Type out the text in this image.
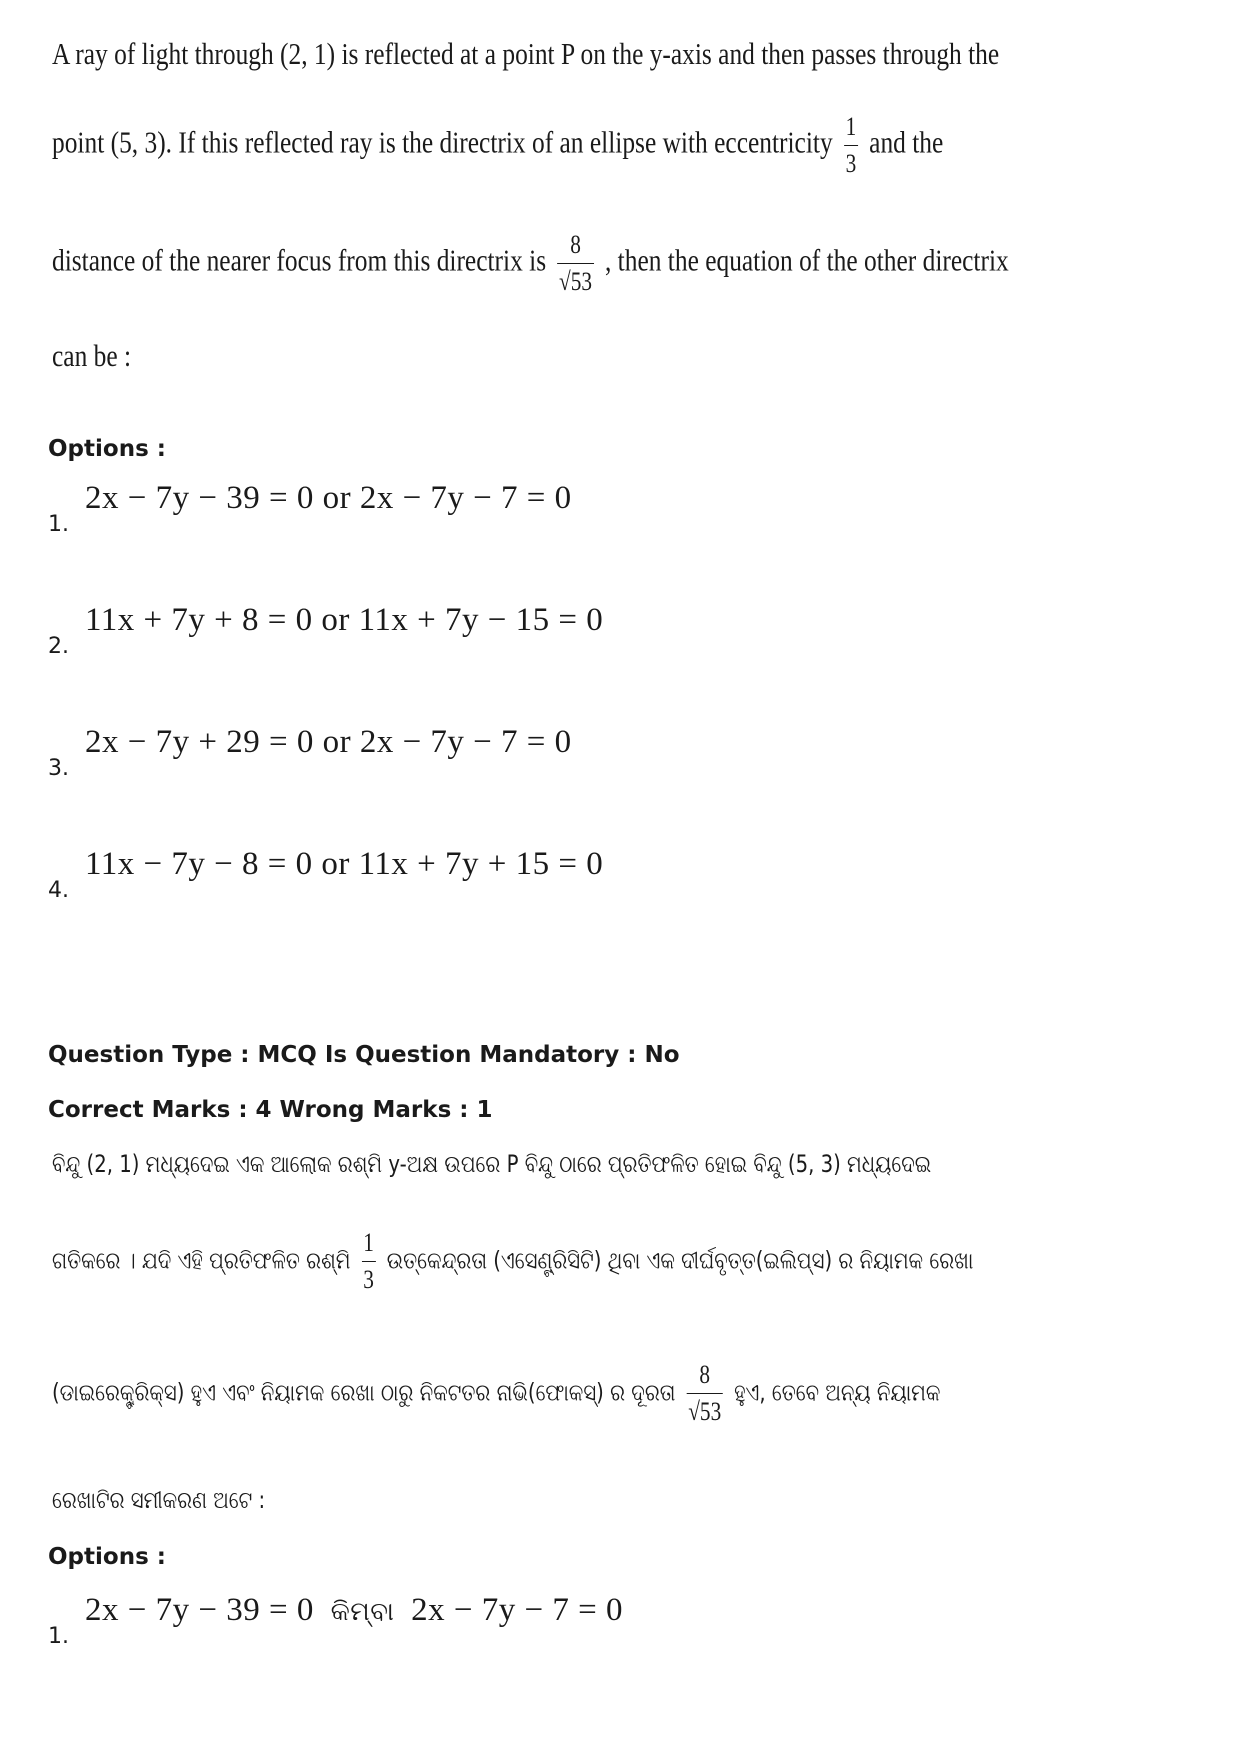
A ray of light through (2, 1) is reflected at a point P on the y-axis and then passes through the
point (5, 3). If this reflected ray is the directrix of an ellipse with eccentricity $\frac{1}{3}$ and the
distance of the nearer focus from this directrix is $\frac{8}{√53}$ , then the equation of the other directrix
can be :
Options :
1.
2x − 7y − 39 = 0 or 2x − 7y − 7 = 0
2.
11x + 7y + 8 = 0 or 11x + 7y − 15 = 0
3.
2x − 7y + 29 = 0 or 2x − 7y − 7 = 0
4.
11x − 7y − 8 = 0 or 11x + 7y + 15 = 0
Question Type : MCQ Is Question Mandatory : No
Correct Marks : 4 Wrong Marks : 1
ବିନ୍ଦୁ (2, 1) ମଧ୍ୟଦେଇ ଏକ ଆଲୋକ ରଶ୍ମି y-ଅକ୍ଷ ଉପରେ P ବିନ୍ଦୁ ଠାରେ ପ୍ରତିଫଳିତ ହୋଇ ବିନ୍ଦୁ (5, 3) ମଧ୍ୟଦେଇ
ଗତିକରେ । ଯଦି ଏହି ପ୍ରତିଫଳିତ ରଶ୍ମି $\frac{1}{3}$ ଉତ୍କେନ୍ଦ୍ରତା (ଏସେଣ୍ଟ୍ରିସିଟି) ଥିବା ଏକ ଦୀର୍ଘବୃତ୍ତ(ଇଲିପ୍ସ) ର ନିୟାମକ ରେଖା
(ଡାଇରେକ୍ଟ୍ରିକ୍ସ) ହୁଏ ଏବଂ ନିୟାମକ ରେଖା ଠାରୁ ନିକଟତର ନାଭି(ଫୋକସ୍) ର ଦୂରତା $\frac{8}{√53}$ ହୁଏ, ତେବେ ଅନ୍ୟ ନିୟାମକ
ରେଖାଟିର ସମୀକରଣ ଅଟେ :
Options :
1.
2x − 7y − 39 = 0 କିମ୍ବା 2x − 7y − 7 = 0
